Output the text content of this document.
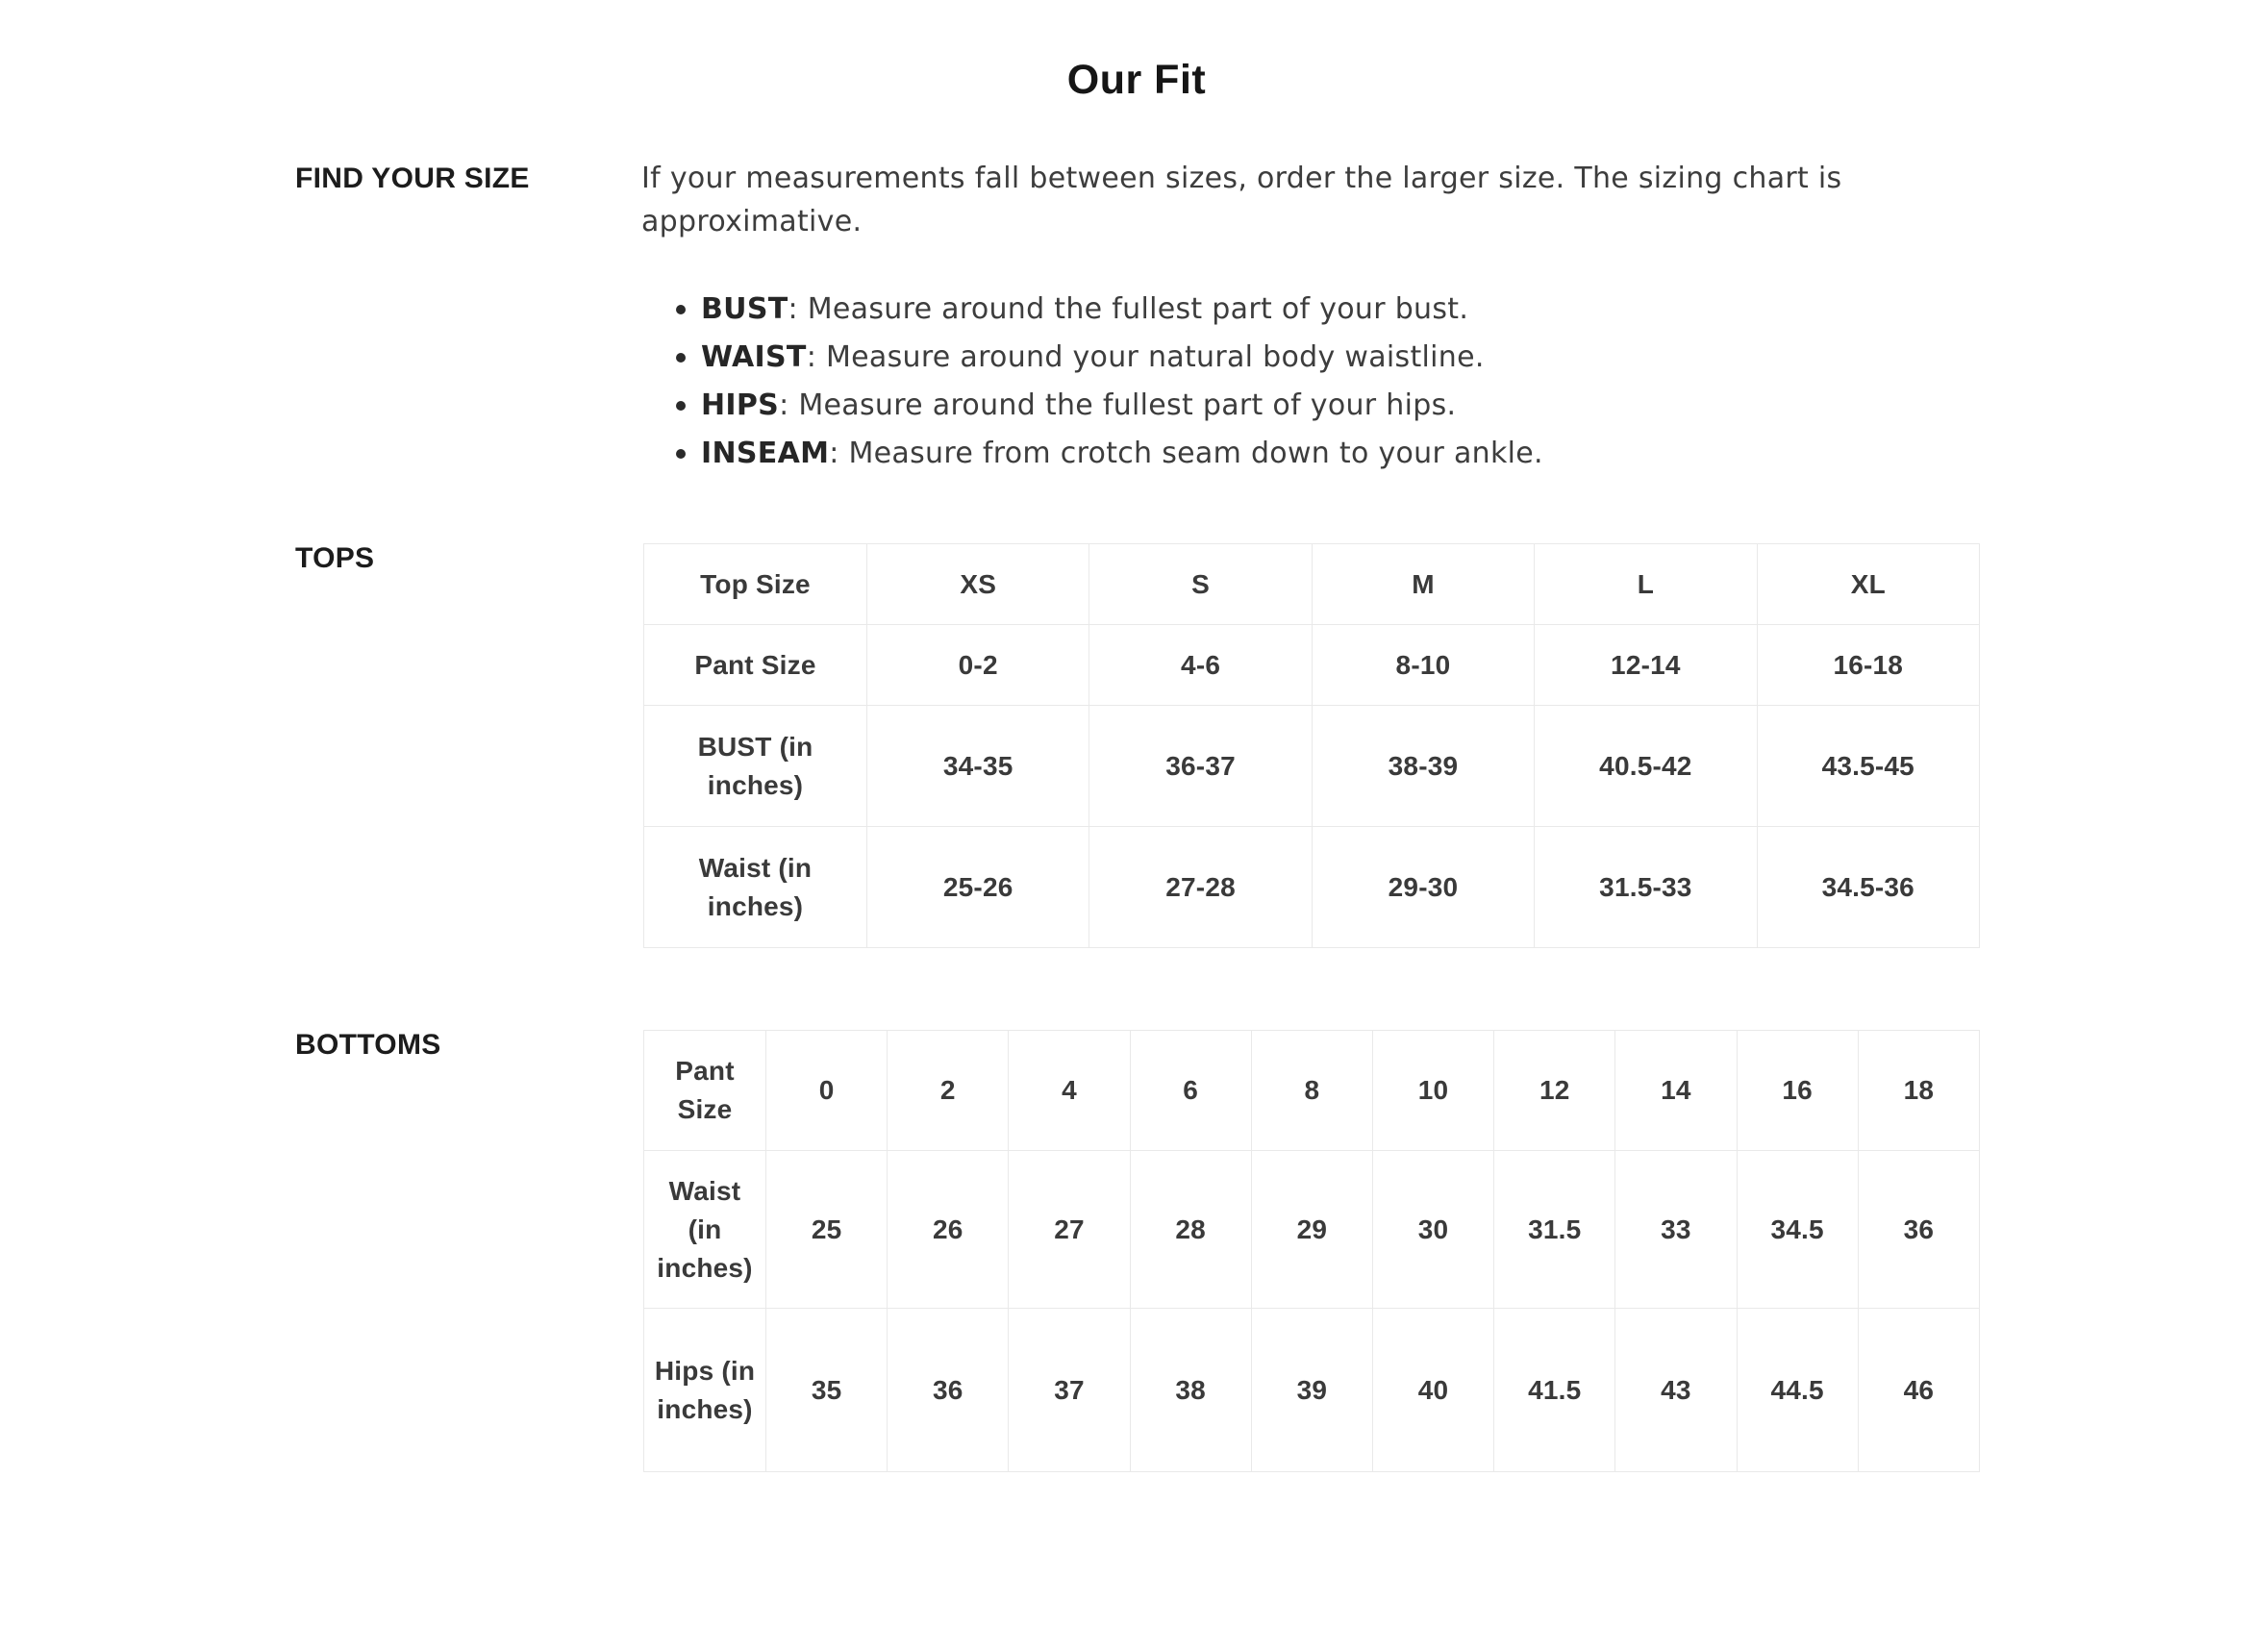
Our Fit
FIND YOUR SIZE	If your measurements fall between sizes, order the larger size. The sizing chart is approximative.

BUST: Measure around the fullest part of your bust.
WAIST: Measure around your natural body waistline.
HIPS: Measure around the fullest part of your hips.
INSEAM: Measure from crotch seam down to your ankle.
TOPS
Top Size	XS	S	M	L	XL
Pant Size	0-2	4-6	8-10	12-14	16-18
BUST (in inches)	34-35	36-37	38-39	40.5-42	43.5-45
Waist (in inches)	25-26	27-28	29-30	31.5-33	34.5-36
BOTTOMS
Pant Size	0	2	4	6	8	10	12	14	16	18
Waist (in inches)	25	26	27	28	29	30	31.5	33	34.5	36
Hips (in inches)	35	36	37	38	39	40	41.5	43	44.5	46
